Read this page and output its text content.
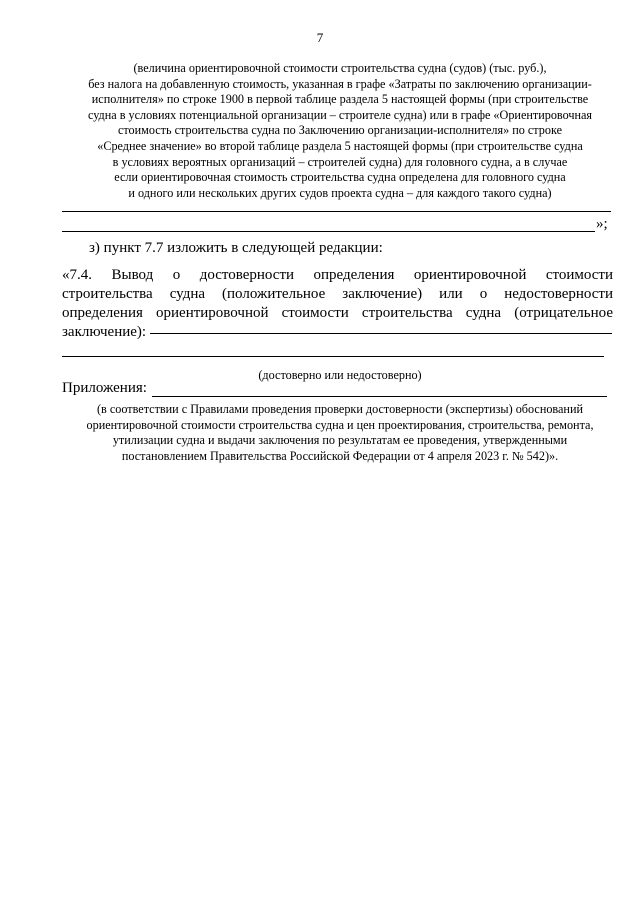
7
(величина ориентировочной стоимости строительства судна (судов) (тыс. руб.),
без налога на добавленную стоимость, указанная в графе «Затраты по заключению организации-
исполнителя» по строке 1900 в первой таблице раздела 5 настоящей формы (при строительстве
судна в условиях потенциальной организации – строителе судна) или в графе «Ориентировочная
стоимость строительства судна по Заключению организации-исполнителя» по строке
«Среднее значение» во второй таблице раздела 5 настоящей формы (при строительстве судна
в условиях вероятных организаций – строителей судна) для головного судна, а в случае
если ориентировочная стоимость строительства судна определена для головного судна
и одного или нескольких других судов проекта судна – для каждого такого судна)
»;
з) пункт 7.7 изложить в следующей редакции:
«7.4. Вывод о достоверности определения ориентировочной стоимости строительства судна (положительное заключение) или о недостоверности определения ориентировочной стоимости строительства судна (отрицательное заключение):
(достоверно или недостоверно)
Приложения:
(в соответствии с Правилами проведения проверки достоверности (экспертизы) обоснований
ориентировочной стоимости строительства судна и цен проектирования, строительства, ремонта,
утилизации судна и выдачи заключения по результатам ее проведения, утвержденными
постановлением Правительства Российской Федерации от 4 апреля 2023 г. № 542)».
